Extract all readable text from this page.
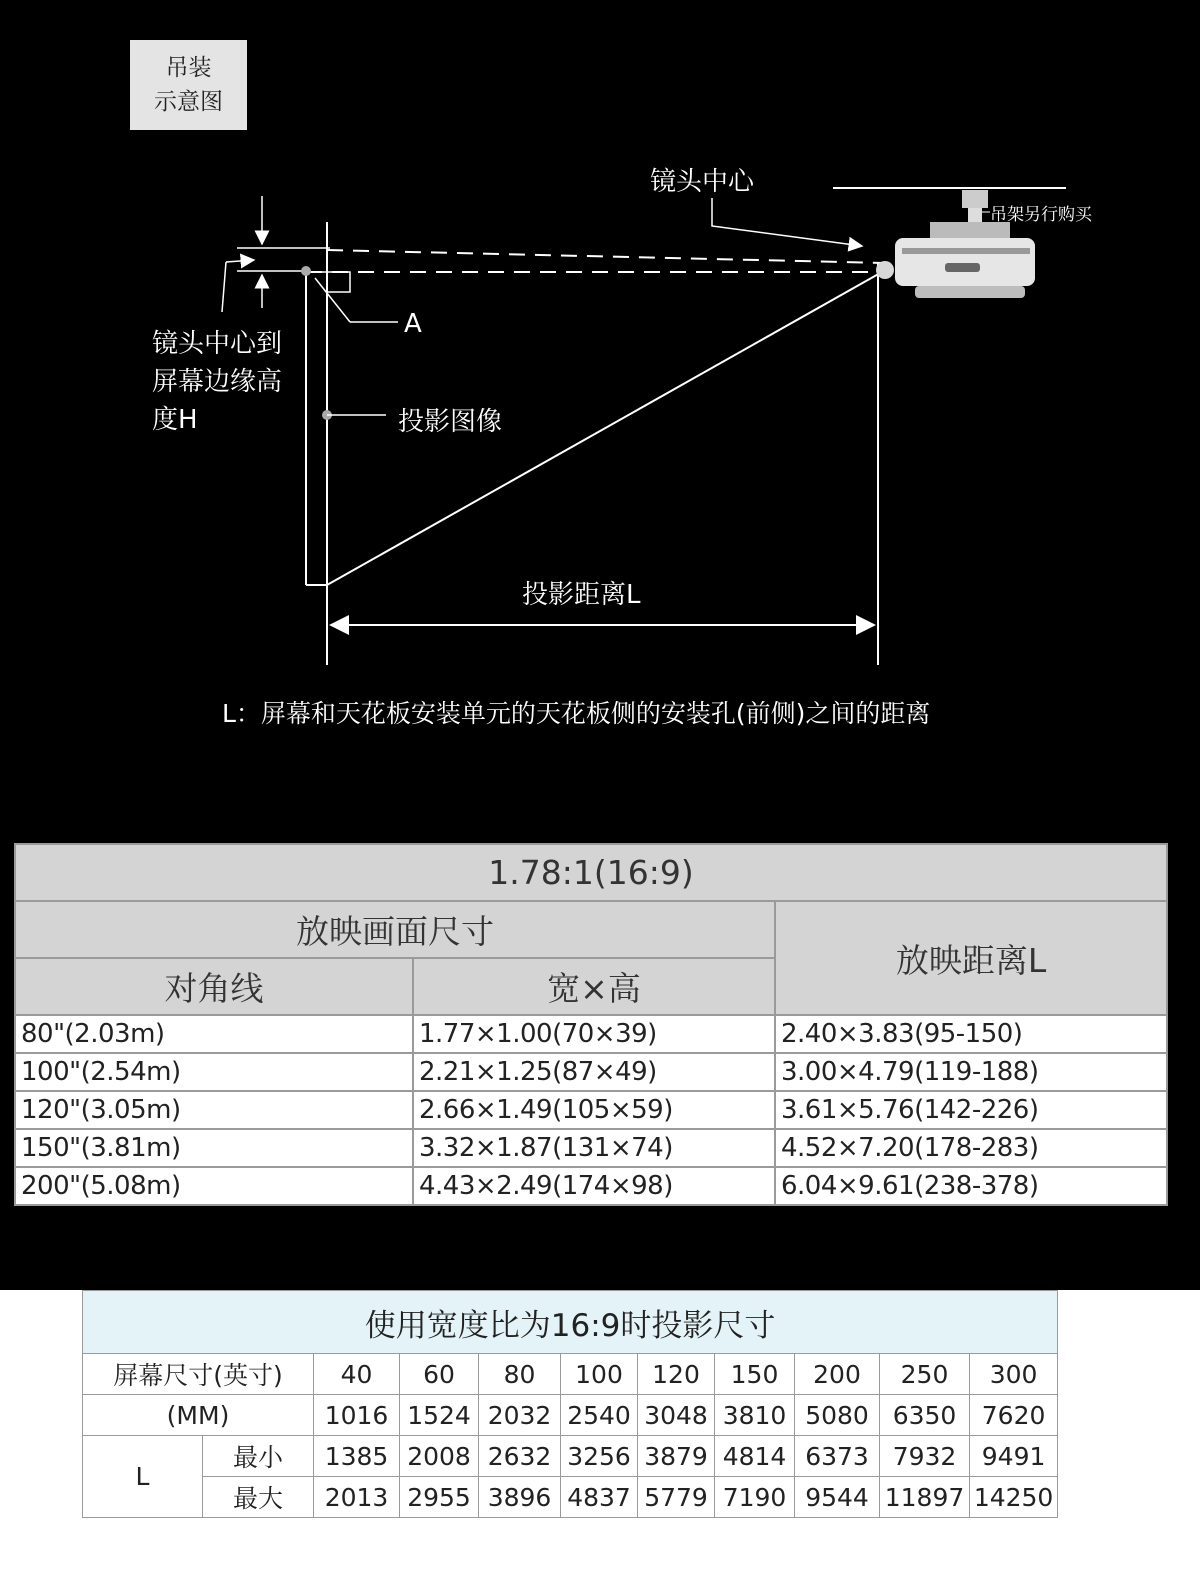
镜头中心
吊架另行购买
A
镜头中心到
屏幕边缘高
度H	投影图像
投影距离L
L：屏幕和天花板安装单元的天花板侧的安装孔(前侧)之间的距离
吊装
示意图
1.78:1(16:9)		
放映画面尺寸		放映距离L
对角线	宽×高	
80"(2.03m)	1.77×1.00(70×39)	2.40×3.83(95-150)
100"(2.54m)	2.21×1.25(87×49)	3.00×4.79(119-188)
120"(3.05m)	2.66×1.49(105×59)	3.61×5.76(142-226)
150"(3.81m)	3.32×1.87(131×74)	4.52×7.20(178-283)
200"(5.08m)	4.43×2.49(174×98)	6.04×9.61(238-378)
使用宽度比为16:9时投影尺寸										
屏幕尺寸(英寸)		40	60	80	100	120	150	200	250	300
(MM)		1016	1524	2032	2540	3048	3810	5080	6350	7620
L	最小	1385	2008	2632	3256	3879	4814	6373	7932	9491
	最大	2013	2955	3896	4837	5779	7190	9544	11897	14250
